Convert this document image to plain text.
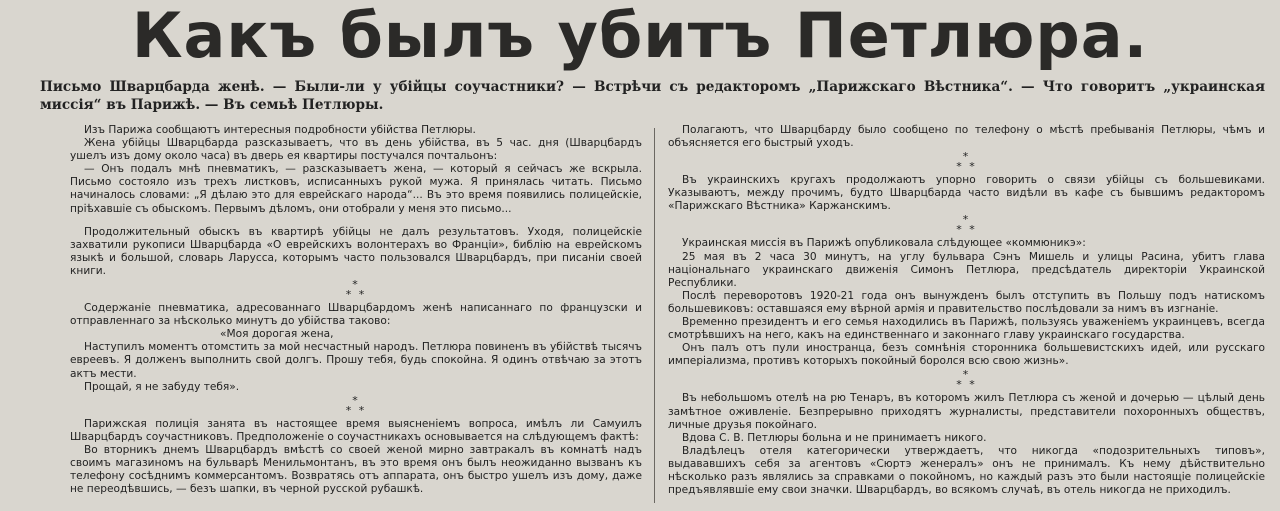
Какъ былъ убитъ Петлюра.
Письмо Шварцбарда женѣ. — Были-ли у убійцы соучастники? — Встрѣчи съ редакторомъ „Парижскаго Вѣстника“. — Что говоритъ „украинская миссія“ въ Парижѣ. — Въ семьѣ Петлюры.

Изъ Парижа сообщаютъ интересныя подробности убійства Петлюры.

Жена убійцы Шварцбарда разсказываетъ, что въ день убійства, въ 5 час. дня (Шварцбардъ ушелъ изъ дому около часа) въ дверь ея квартиры постучался почтальонъ:

— Онъ подалъ мнѣ пневматикъ, — разсказываетъ жена, — который я сейчасъ же вскрыла. Письмо состояло изъ трехъ листковъ, исписанныхъ рукой мужа. Я принялась читать. Письмо начиналось словами: „Я дѣлаю это для еврейскаго народа“... Въ это время появились полицейскіе, пріѣхавшіе съ обыскомъ. Первымъ дѣломъ, они отобрали у меня это письмо...

Продолжительный обыскъ въ квартирѣ убійцы не далъ результатовъ. Уходя, полицейскіе захватили рукописи Шварцбарда «О еврейскихъ волонтерахъ во Франціи», библію на еврейскомъ языкѣ и большой, словарь Ларусса, которымъ часто пользовался Шварцбардъ, при писаніи своей книги.

*
* *

Содержаніе пневматика, адресованнаго Шварцбардомъ женѣ написаннаго по французски и отправленнаго за нѣсколько минутъ до убійства таково:

«Моя дорогая жена,

Наступилъ моментъ отомстить за мой несчастный народъ. Петлюра повиненъ въ убійствѣ тысячъ евреевъ. Я долженъ выполнить свой долгъ. Прошу тебя, будь спокойна. Я одинъ отвѣчаю за этотъ актъ мести.

Прощай, я не забуду тебя».

*
* *

Парижская полиція занята въ настоящее время выясненіемъ вопроса, имѣлъ ли Самуилъ Шварцбардъ соучастниковъ. Предположеніе о соучастникахъ основывается на слѣдующемъ фактѣ:

Во вторникъ днемъ Шварцбардъ вмѣстѣ со своей женой мирно завтракалъ въ комнатѣ надъ своимъ магазиномъ на бульварѣ Менильмонтанъ, въ это время онъ былъ неожиданно вызванъ къ телефону сосѣднимъ коммерсантомъ. Возвратясь отъ аппарата, онъ быстро ушелъ изъ дому, даже не переодѣвшись, — безъ шапки, въ черной русской рубашкѣ.

Полагаютъ, что Шварцбарду было сообщено по телефону о мѣстѣ пребыванія Петлюры, чѣмъ и объясняется его быстрый уходъ.

*
* *

Въ украинскихъ кругахъ продолжаютъ упорно говорить о связи убійцы съ большевиками. Указываютъ, между прочимъ, будто Шварцбарда часто видѣли въ кафе съ бывшимъ редакторомъ «Парижскаго Вѣстника» Каржанскимъ.

*
* *

Украинская миссія въ Парижѣ опубликовала слѣдующее «коммюникэ»:

25 мая въ 2 часа 30 минутъ, на углу бульвара Сэнъ Мишель и улицы Расина, убитъ глава національнаго украинскаго движенія Симонъ Петлюра, предсѣдатель директоріи Украинской Республики.

Послѣ переворотовъ 1920-21 года онъ вынужденъ былъ отступить въ Польшу подъ натискомъ большевиковъ: оставшаяся ему вѣрной армія и правительство послѣдовали за нимъ въ изгнаніе.

Временно президентъ и его семья находились въ Парижѣ, пользуясь уваженіемъ украинцевъ, всегда смотрѣвшихъ на него, какъ на единственнаго и законнаго главу украинскаго государства.

Онъ палъ отъ пули иностранца, безъ сомнѣнія сторонника большевистскихъ идей, или русскаго имперіализма, противъ которыхъ покойный боролся всю свою жизнь».

*
* *

Въ небольшомъ отелѣ на рю Тенаръ, въ которомъ жилъ Петлюра съ женой и дочерью — цѣлый день замѣтное оживленіе. Безпрерывно приходятъ журналисты, представители похоронныхъ обществъ, личные друзья покойнаго.

Вдова С. В. Петлюры больна и не принимаетъ никого.

Владѣлецъ отеля категорически утверждаетъ, что никогда «подозрительныхъ типовъ», выдававшихъ себя за агентовъ «Сюртэ женералъ» онъ не принималъ. Къ нему дѣйствительно нѣсколько разъ являлись за справками о покойномъ, но каждый разъ это были настоящіе полицейскіе предъявлявшіе ему свои значки. Шварцбардъ, во всякомъ случаѣ, въ отель никогда не приходилъ.
